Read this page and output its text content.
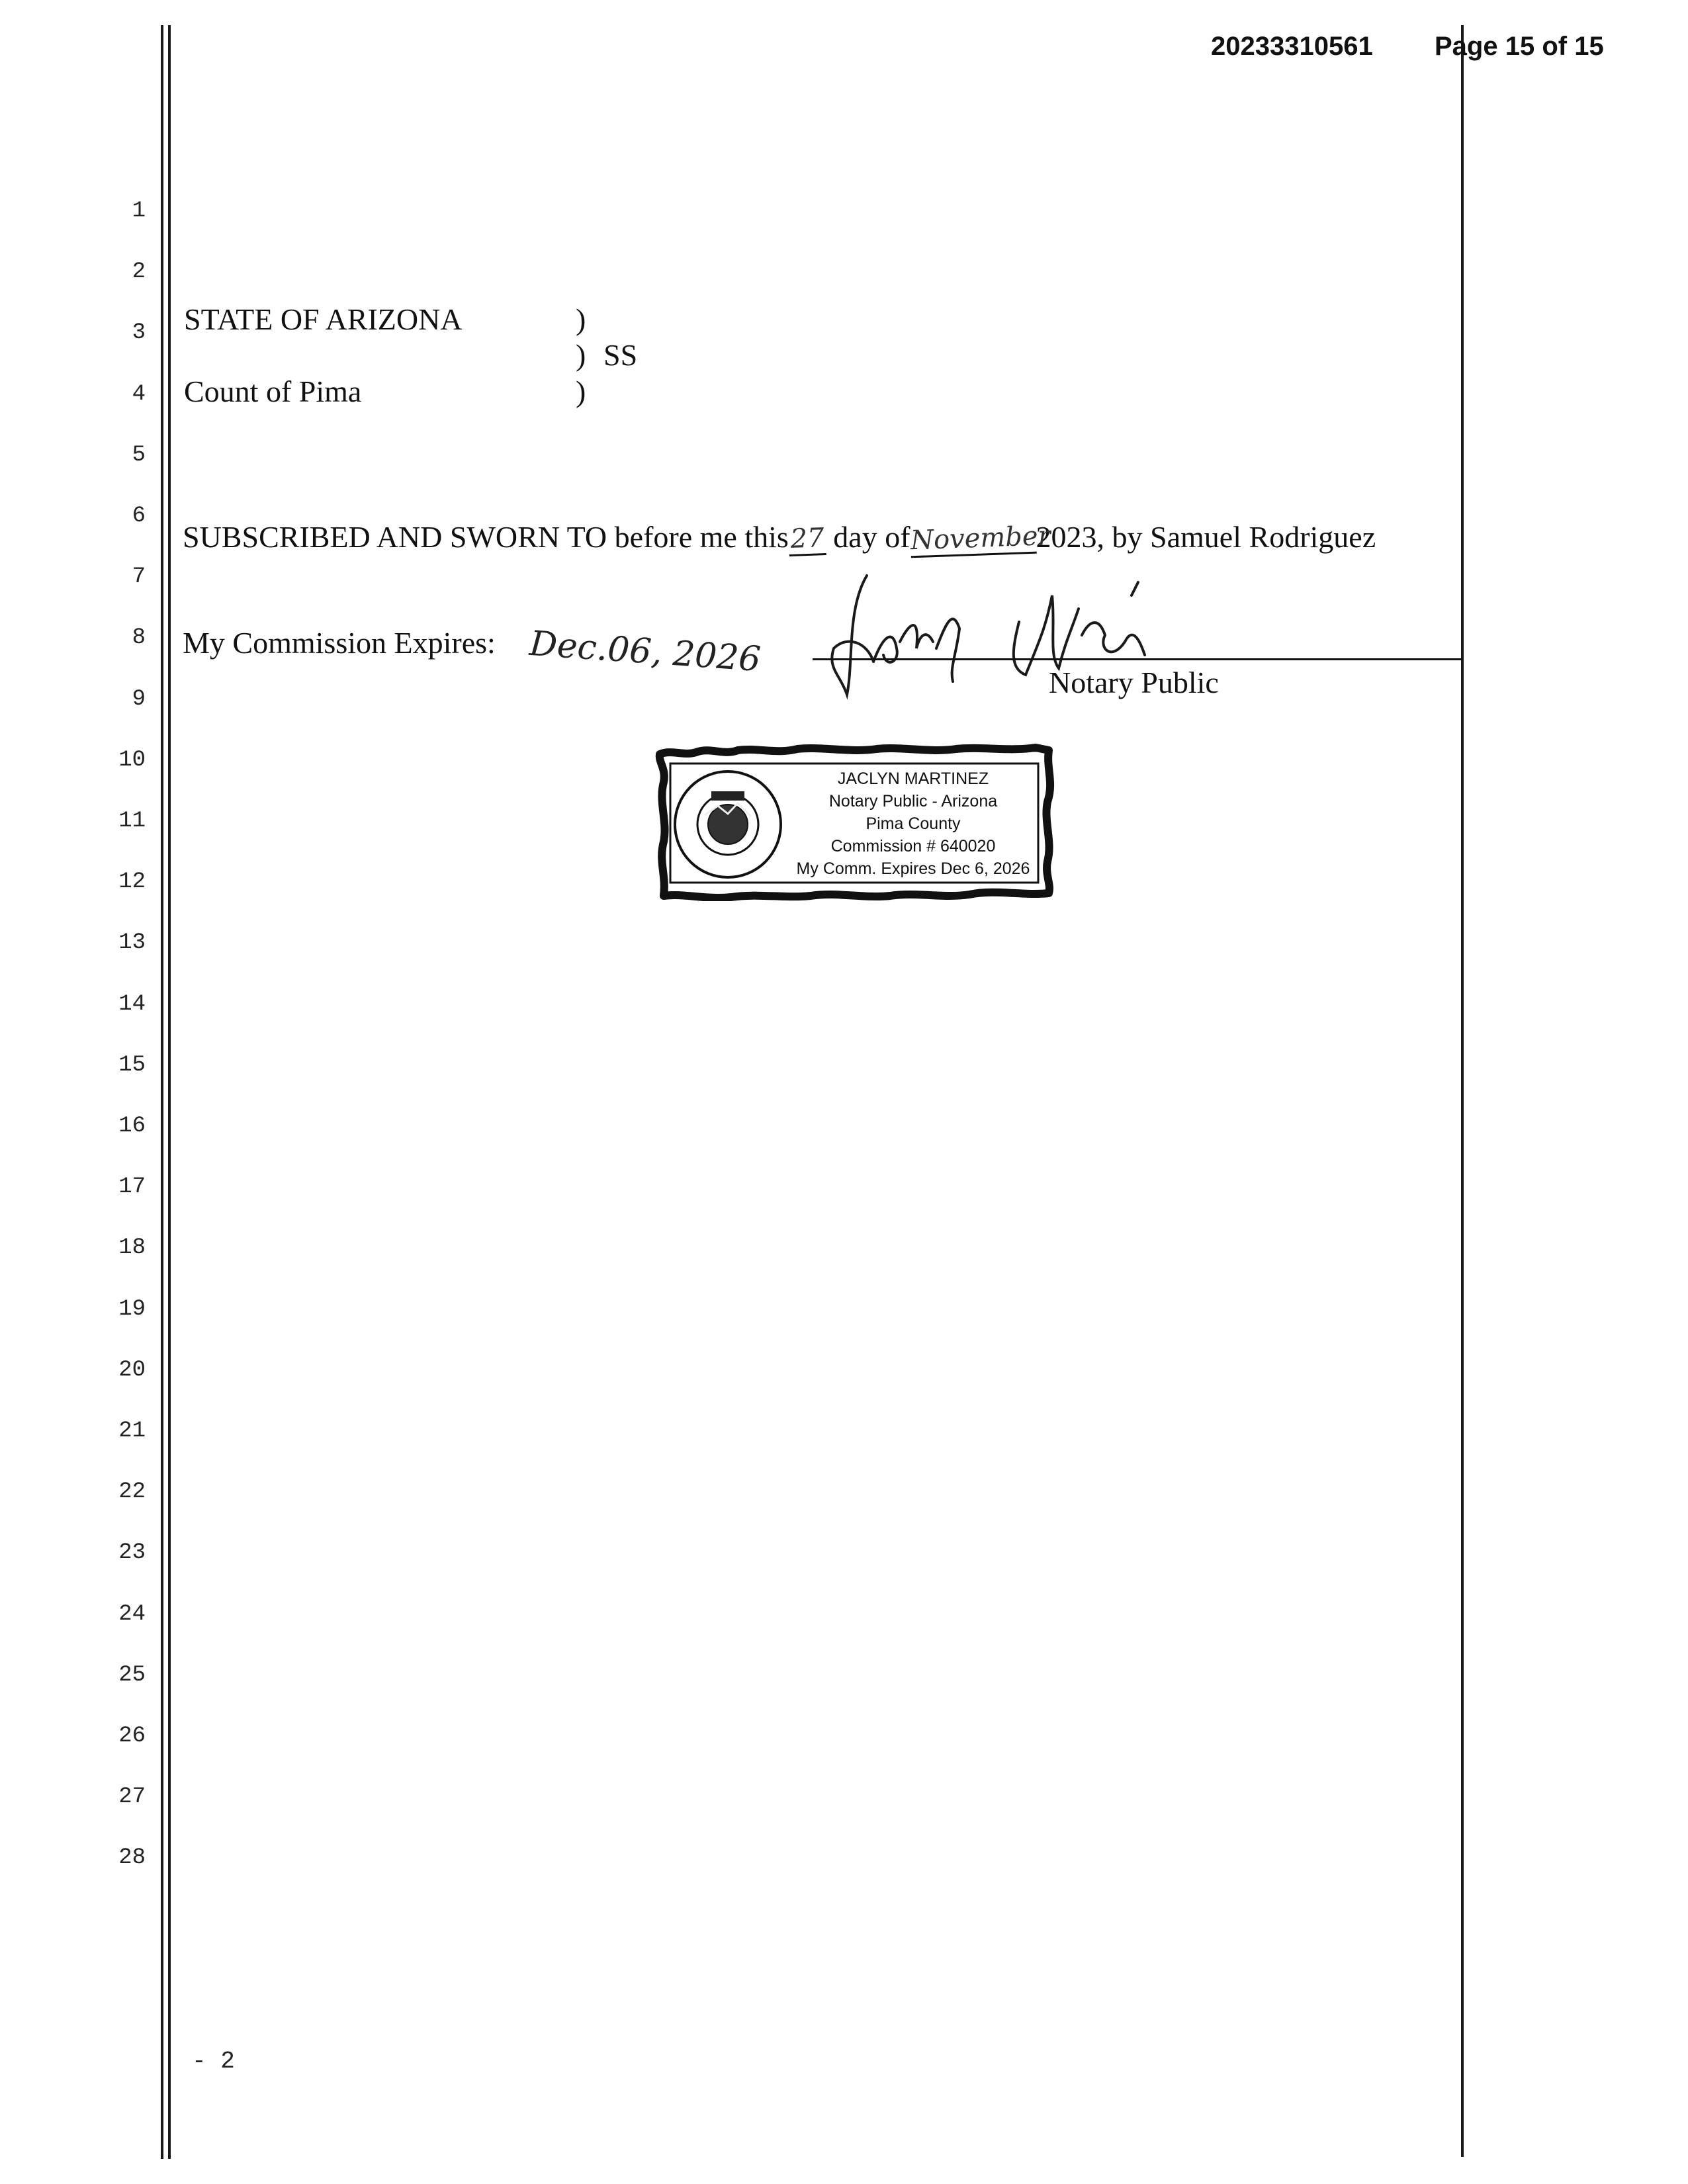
20233310561 Page 15 of 15
1
2
3
4
5
6
7
8
9
10
11
12
13
14
15
16
17
18
19
20
21
22
23
24
25
26
27
28
STATE OF ARIZONA
Count of Pima
)
)
)
SS
SUBSCRIBED AND SWORN TO before me this27 day ofNovember2023, by Samuel Rodriguez
My Commission Expires: Dec.06, 2026
Notary Public
JACLYN MARTINEZ
Notary Public - Arizona
Pima County
Commission # 640020
My Comm. Expires Dec 6, 2026
- 2
